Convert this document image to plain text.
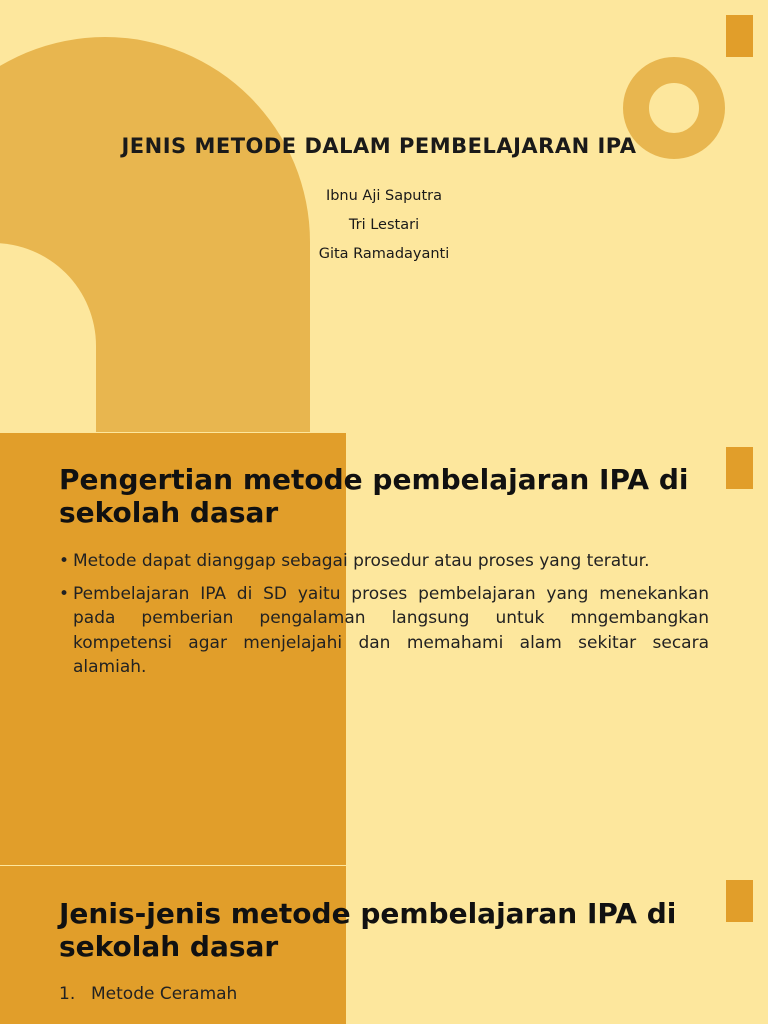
JENIS METODE DALAM PEMBELAJARAN IPA
Ibnu Aji Saputra
Tri Lestari
Gita Ramadayanti
Pengertian metode pembelajaran IPA di sekolah dasar
• Metode dapat dianggap sebagai prosedur atau proses yang teratur.
• Pembelajaran IPA di SD yaitu proses pembelajaran yang menekankan pada pemberian pengalaman langsung untuk mngembangkan kompetensi agar menjelajahi dan memahami alam sekitar secara alamiah.
Jenis-jenis metode pembelajaran IPA di sekolah dasar
1. Metode Ceramah
